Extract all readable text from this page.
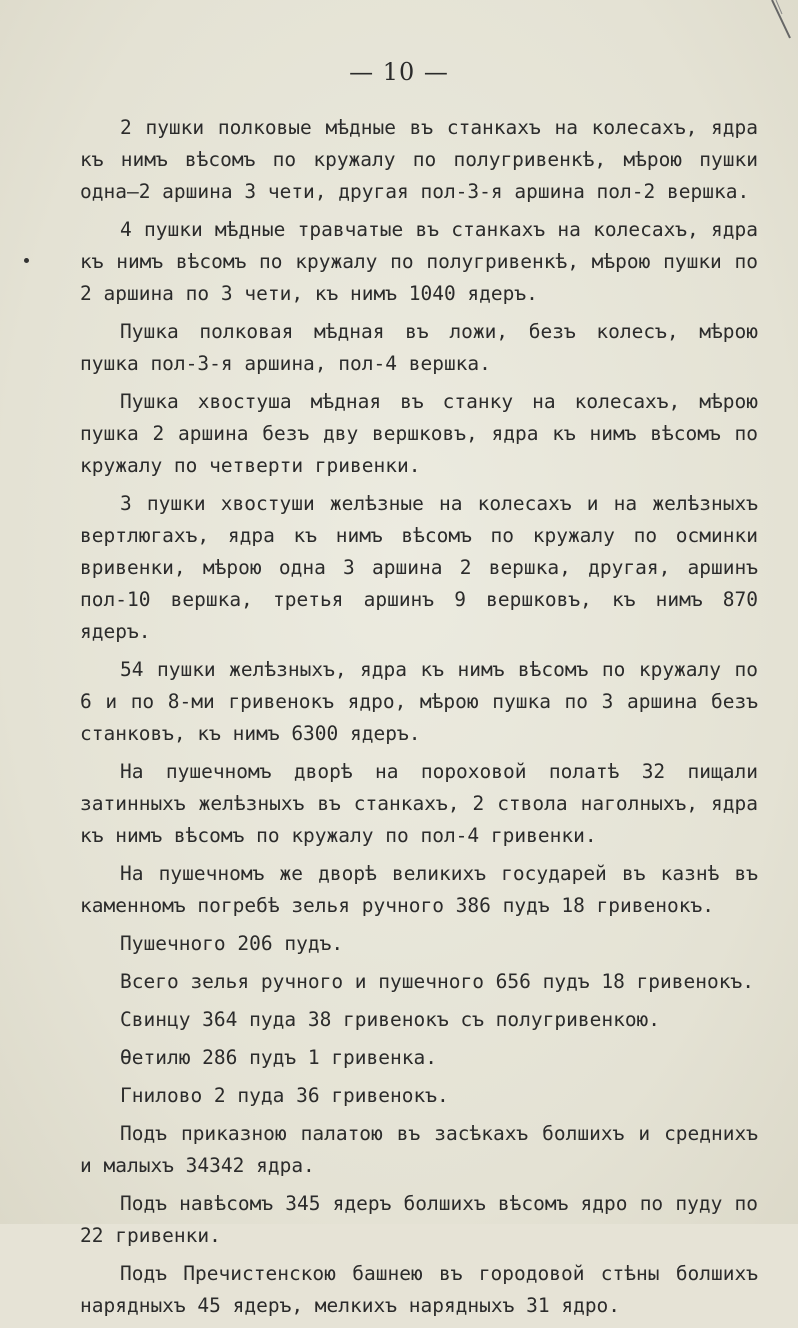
— 10 —

2 пушки полковые мѣдные въ станкахъ на колесахъ, ядра къ нимъ вѣсомъ по кружалу по полугривенкѣ, мѣрою пушки одна—2 аршина 3 чети, другая пол-3-я аршина пол-2 вершка.

4 пушки мѣдные травчатые въ станкахъ на колесахъ, ядра къ нимъ вѣсомъ по кружалу по полугривенкѣ, мѣрою пушки по 2 аршина по 3 чети, къ нимъ 1040 ядеръ.

Пушка полковая мѣдная въ ложи, безъ колесъ, мѣрою пушка пол-3-я аршина, пол-4 вершка.

Пушка хвостуша мѣдная въ станку на колесахъ, мѣрою пушка 2 аршина безъ дву вершковъ, ядра къ нимъ вѣсомъ по кружалу по четверти гривенки.

3 пушки хвостуши желѣзные на колесахъ и на желѣзныхъ вертлюгахъ, ядра къ нимъ вѣсомъ по кружалу по осминки вривенки, мѣрою одна 3 аршина 2 вершка, другая, аршинъ пол-10 вершка, третья аршинъ 9 вершковъ, къ нимъ 870 ядеръ.

54 пушки желѣзныхъ, ядра къ нимъ вѣсомъ по кружалу по 6 и по 8-ми гривенокъ ядро, мѣрою пушка по 3 аршина безъ станковъ, къ нимъ 6300 ядеръ.

На пушечномъ дворѣ на пороховой полатѣ 32 пищали затинныхъ желѣзныхъ въ станкахъ, 2 ствола наголныхъ, ядра къ нимъ вѣсомъ по кружалу по пол-4 гривенки.

На пушечномъ же дворѣ великихъ государей въ казнѣ въ каменномъ погребѣ зелья ручного 386 пудъ 18 гривенокъ.

Пушечного 206 пудъ.

Всего зелья ручного и пушечного 656 пудъ 18 гривенокъ.

Свинцу 364 пуда 38 гривенокъ съ полугривенкою.

Ѳетилю 286 пудъ 1 гривенка.

Гнилово 2 пуда 36 гривенокъ.

Подъ приказною палатою въ засѣкахъ болшихъ и среднихъ и малыхъ 34342 ядра.

Подъ навѣсомъ 345 ядеръ болшихъ вѣсомъ ядро по пуду по 22 гривенки.

Подъ Пречистенскою башнею въ городовой стѣны болшихъ нарядныхъ 45 ядеръ, мелкихъ нарядныхъ 31 ядро.
